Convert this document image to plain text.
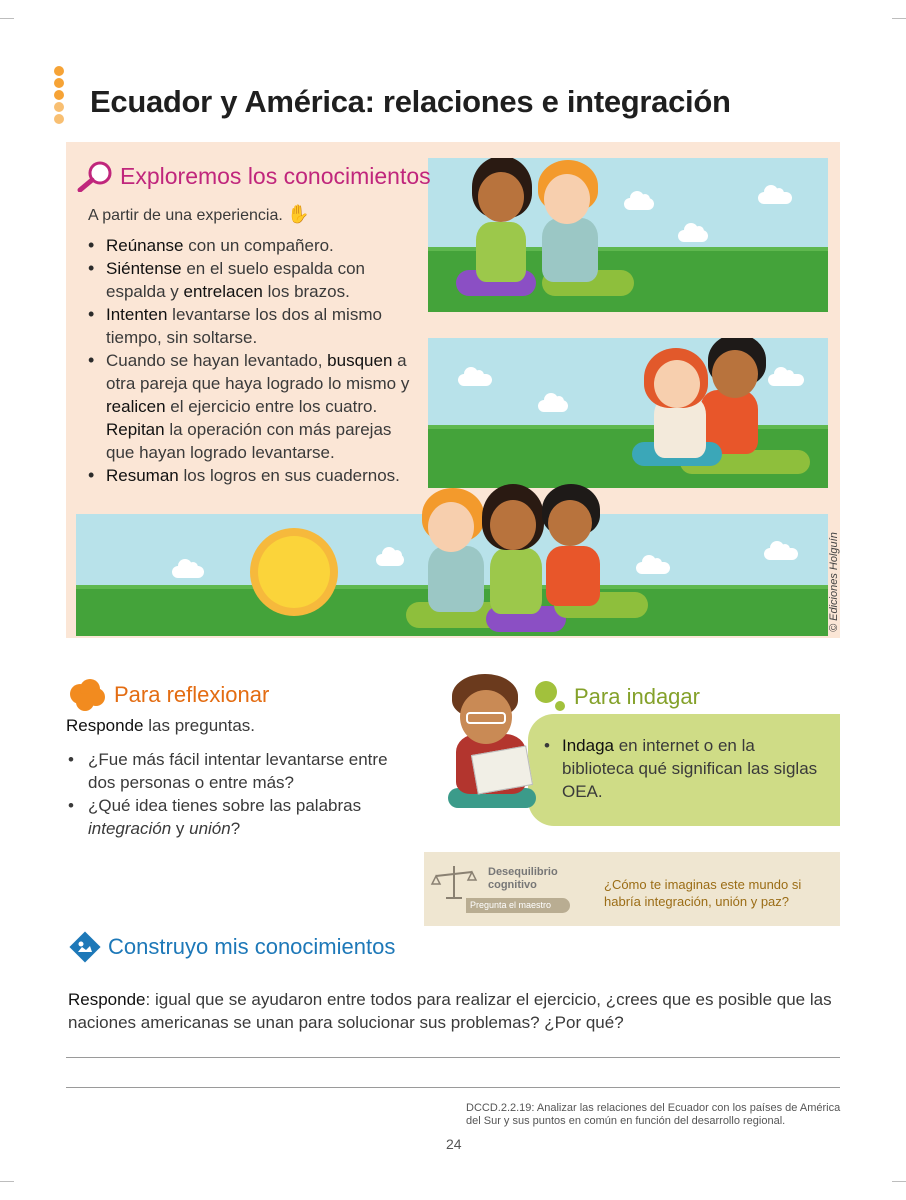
Ecuador y América: relaciones e integración
Exploremos los conocimientos
A partir de una experiencia. ✋
• Reúnanse con un compañero.
• Siéntense en el suelo espalda con espalda y entrelacen los brazos.
• Intenten levantarse los dos al mismo tiempo, sin soltarse.
• Cuando se hayan levantado, busquen a otra pareja que haya logrado lo mismo y realicen el ejercicio entre los cuatro. Repitan la operación con más parejas que hayan logrado levantarse.
• Resuman los logros en sus cuadernos.
© Ediciones Holguín
Para reflexionar
Responde las preguntas.
• ¿Fue más fácil intentar levantarse entre dos personas o entre más?
• ¿Qué idea tienes sobre las palabras integración y unión?
Para indagar
• Indaga en internet o en la biblioteca qué significan las siglas OEA.
Desequilibrio cognitivo
Pregunta el maestro
¿Cómo te imaginas este mundo si habría integración, unión y paz?
Construyo mis conocimientos
Responde: igual que se ayudaron entre todos para realizar el ejercicio, ¿crees que es posible que las naciones americanas se unan para solucionar sus problemas? ¿Por qué?
DCCD.2.2.19: Analizar las relaciones del Ecuador con los países de América del Sur y sus puntos en común en función del desarrollo regional.
24
